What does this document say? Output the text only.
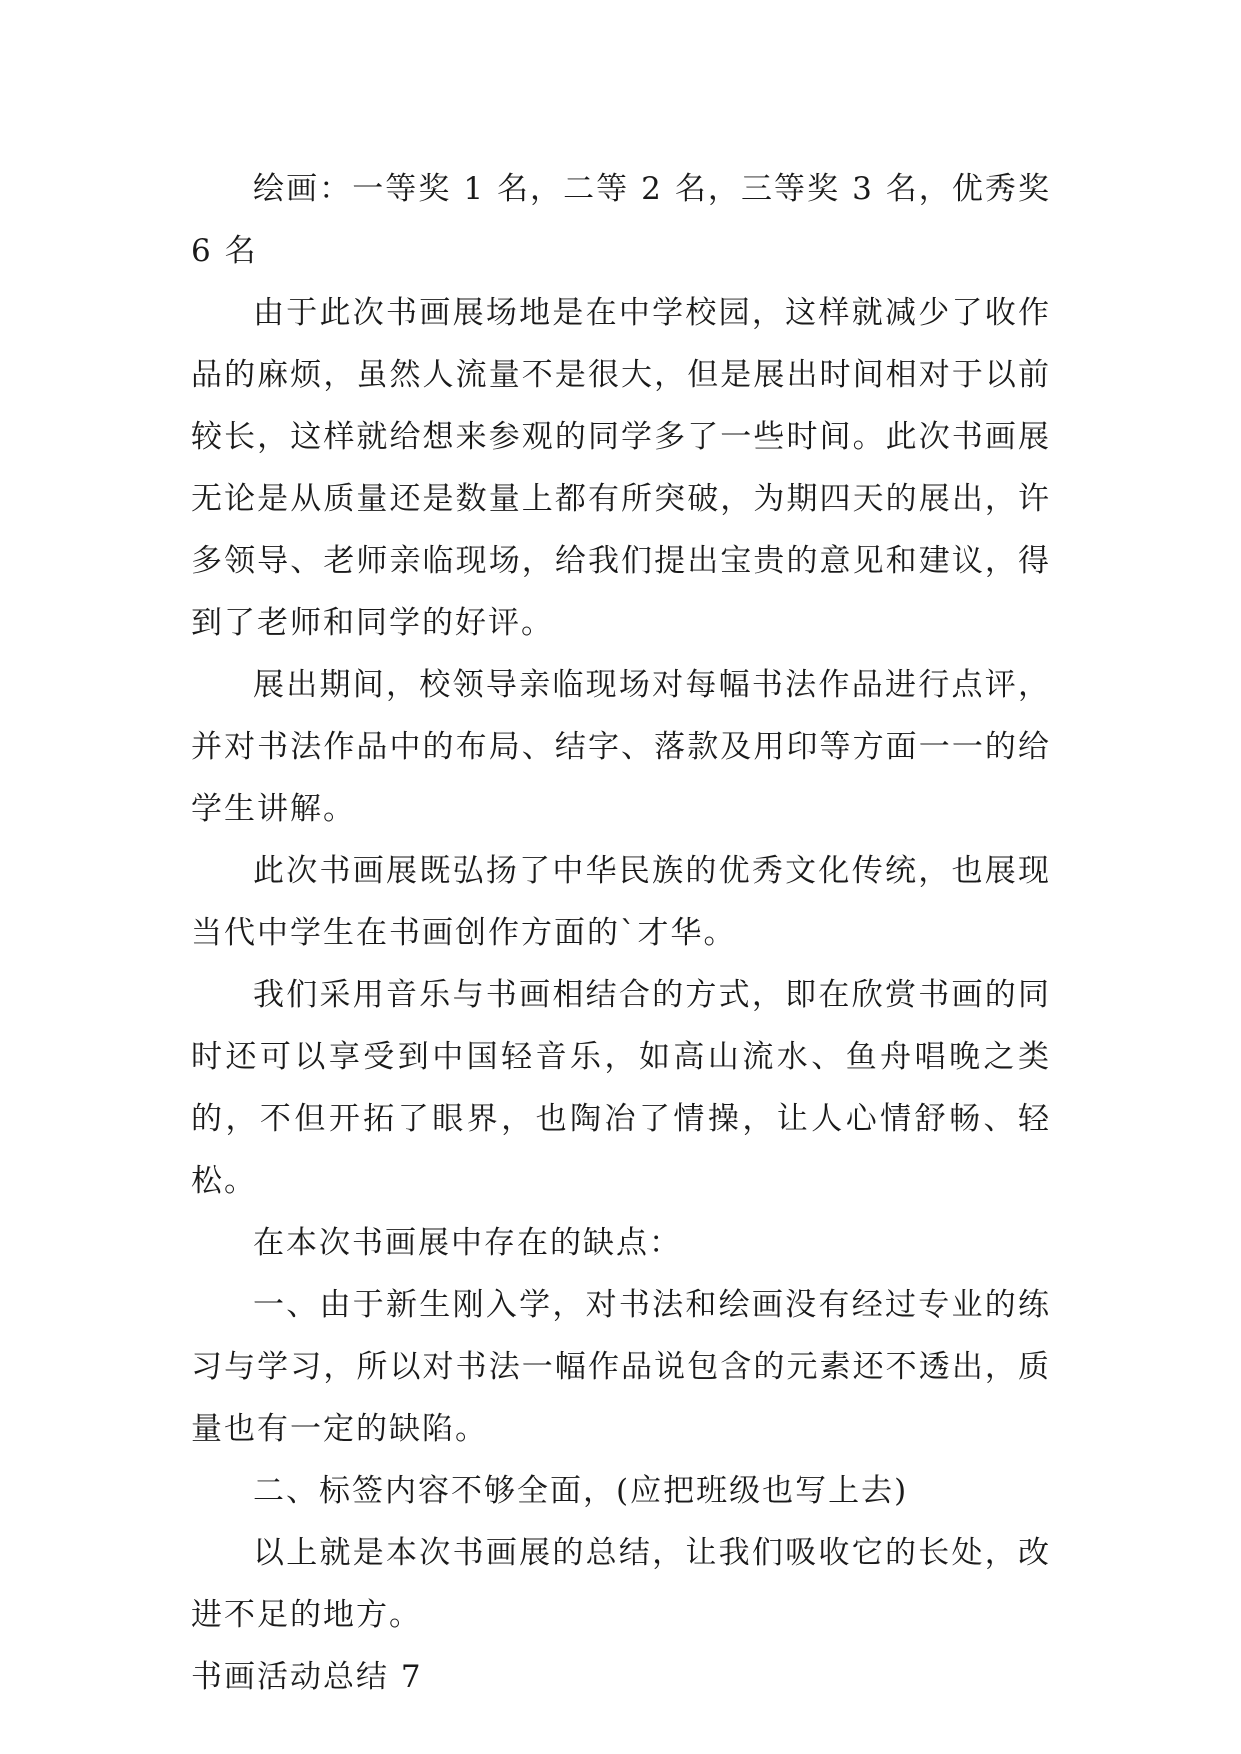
绘画：一等奖 1 名，二等 2 名，三等奖 3 名，优秀奖 6 名

由于此次书画展场地是在中学校园，这样就减少了收作品的麻烦，虽然人流量不是很大，但是展出时间相对于以前较长，这样就给想来参观的同学多了一些时间。此次书画展无论是从质量还是数量上都有所突破，为期四天的展出，许多领导、老师亲临现场，给我们提出宝贵的意见和建议，得到了老师和同学的好评。

展出期间，校领导亲临现场对每幅书法作品进行点评，并对书法作品中的布局、结字、落款及用印等方面一一的给学生讲解。

此次书画展既弘扬了中华民族的优秀文化传统，也展现当代中学生在书画创作方面的`才华。

我们采用音乐与书画相结合的方式，即在欣赏书画的同时还可以享受到中国轻音乐，如高山流水、鱼舟唱晚之类的，不但开拓了眼界，也陶冶了情操，让人心情舒畅、轻松。

在本次书画展中存在的缺点：

一、由于新生刚入学，对书法和绘画没有经过专业的练习与学习，所以对书法一幅作品说包含的元素还不透出，质量也有一定的缺陷。

二、标签内容不够全面，(应把班级也写上去)

以上就是本次书画展的总结，让我们吸收它的长处，改进不足的地方。

书画活动总结 7
